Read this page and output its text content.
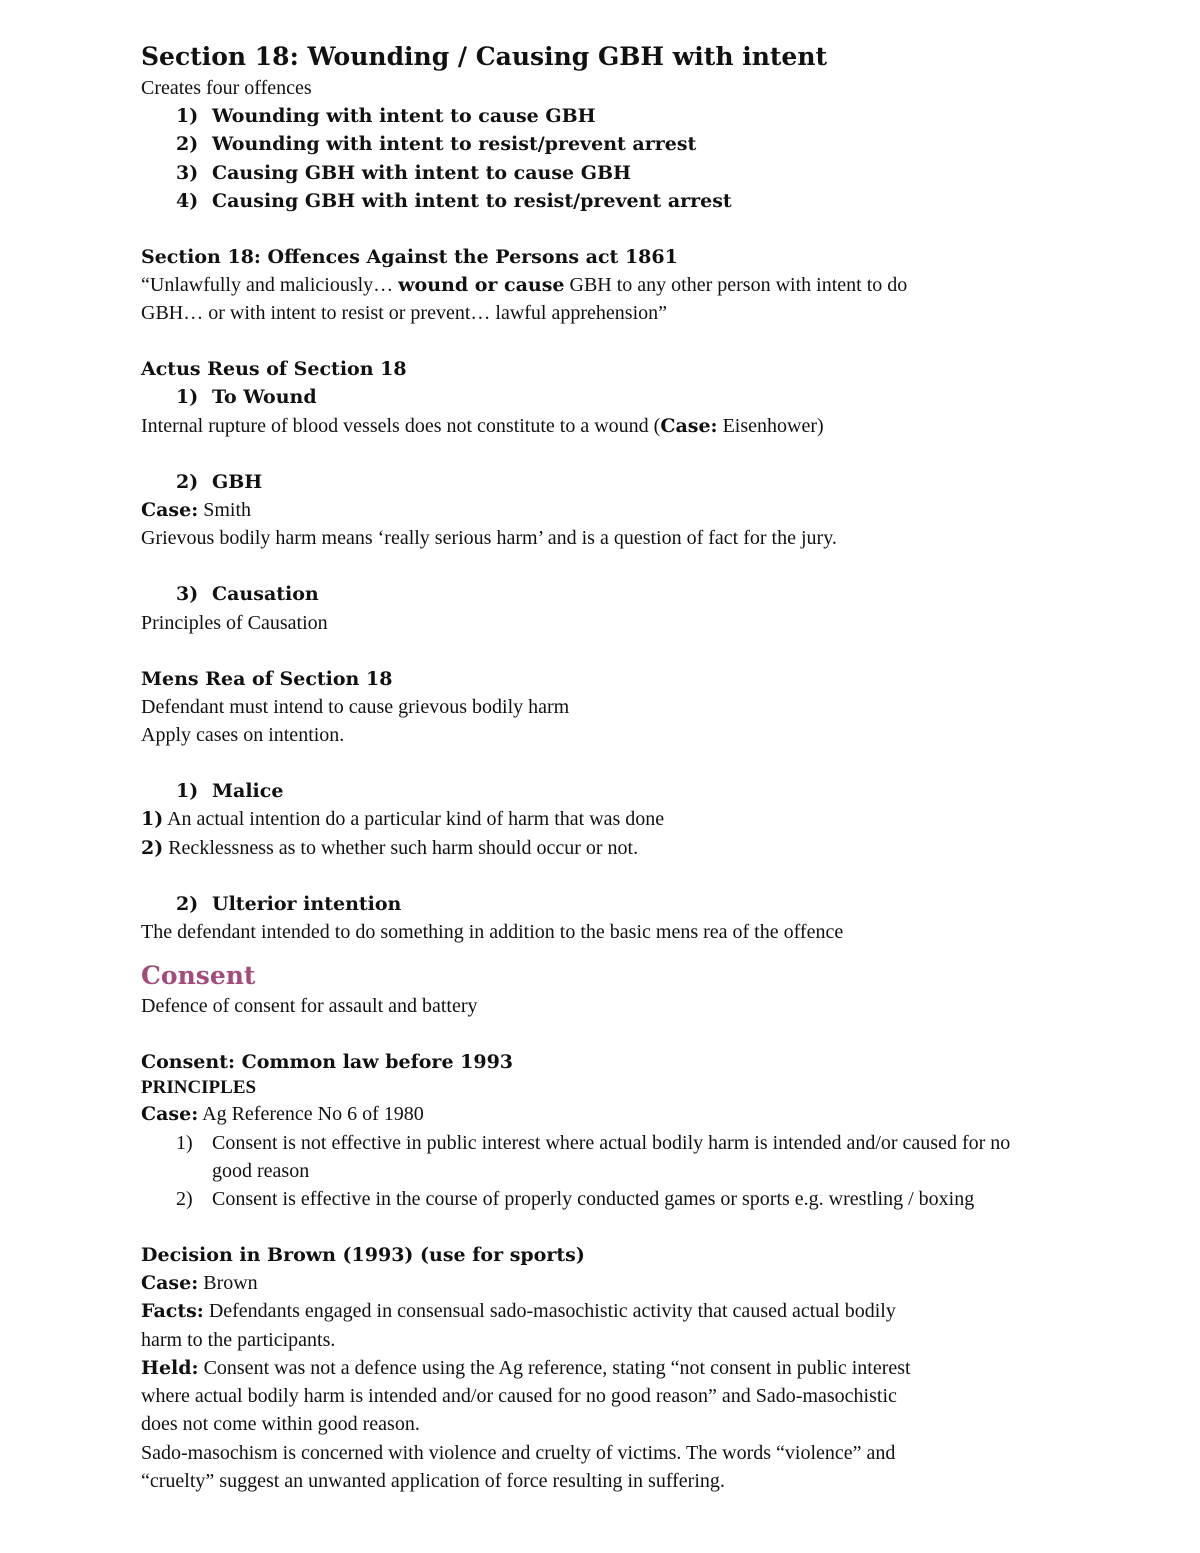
Section 18: Wounding / Causing GBH with intent

Creates four offences

1) Wounding with intent to cause GBH
2) Wounding with intent to resist/prevent arrest
3) Causing GBH with intent to cause GBH
4) Causing GBH with intent to resist/prevent arrest
Section 18: Offences Against the Persons act 1861

“Unlawfully and maliciously… wound or cause GBH to any other person with intent to do

GBH… or with intent to resist or prevent… lawful apprehension”

Actus Reus of Section 18
1) To Wound

Internal rupture of blood vessels does not constitute to a wound (Case: Eisenhower)

2) GBH

Case: Smith

Grievous bodily harm means ‘really serious harm’ and is a question of fact for the jury.

3) Causation

Principles of Causation

Mens Rea of Section 18

Defendant must intend to cause grievous bodily harm

Apply cases on intention.

1) Malice

1) An actual intention do a particular kind of harm that was done

2) Recklessness as to whether such harm should occur or not.

2) Ulterior intention

The defendant intended to do something in addition to the basic mens rea of the offence

Consent

Defence of consent for assault and battery

Consent: Common law before 1993

PRINCIPLES

Case: Ag Reference No 6 of 1980

1) Consent is not effective in public interest where actual bodily harm is intended and/or caused for no good reason
2) Consent is effective in the course of properly conducted games or sports e.g. wrestling / boxing
Decision in Brown (1993) (use for sports)

Case: Brown

Facts: Defendants engaged in consensual sado-masochistic activity that caused actual bodily

harm to the participants.

Held: Consent was not a defence using the Ag reference, stating “not consent in public interest

where actual bodily harm is intended and/or caused for no good reason” and Sado-masochistic

does not come within good reason.

Sado-masochism is concerned with violence and cruelty of victims. The words “violence” and

“cruelty” suggest an unwanted application of force resulting in suffering.
